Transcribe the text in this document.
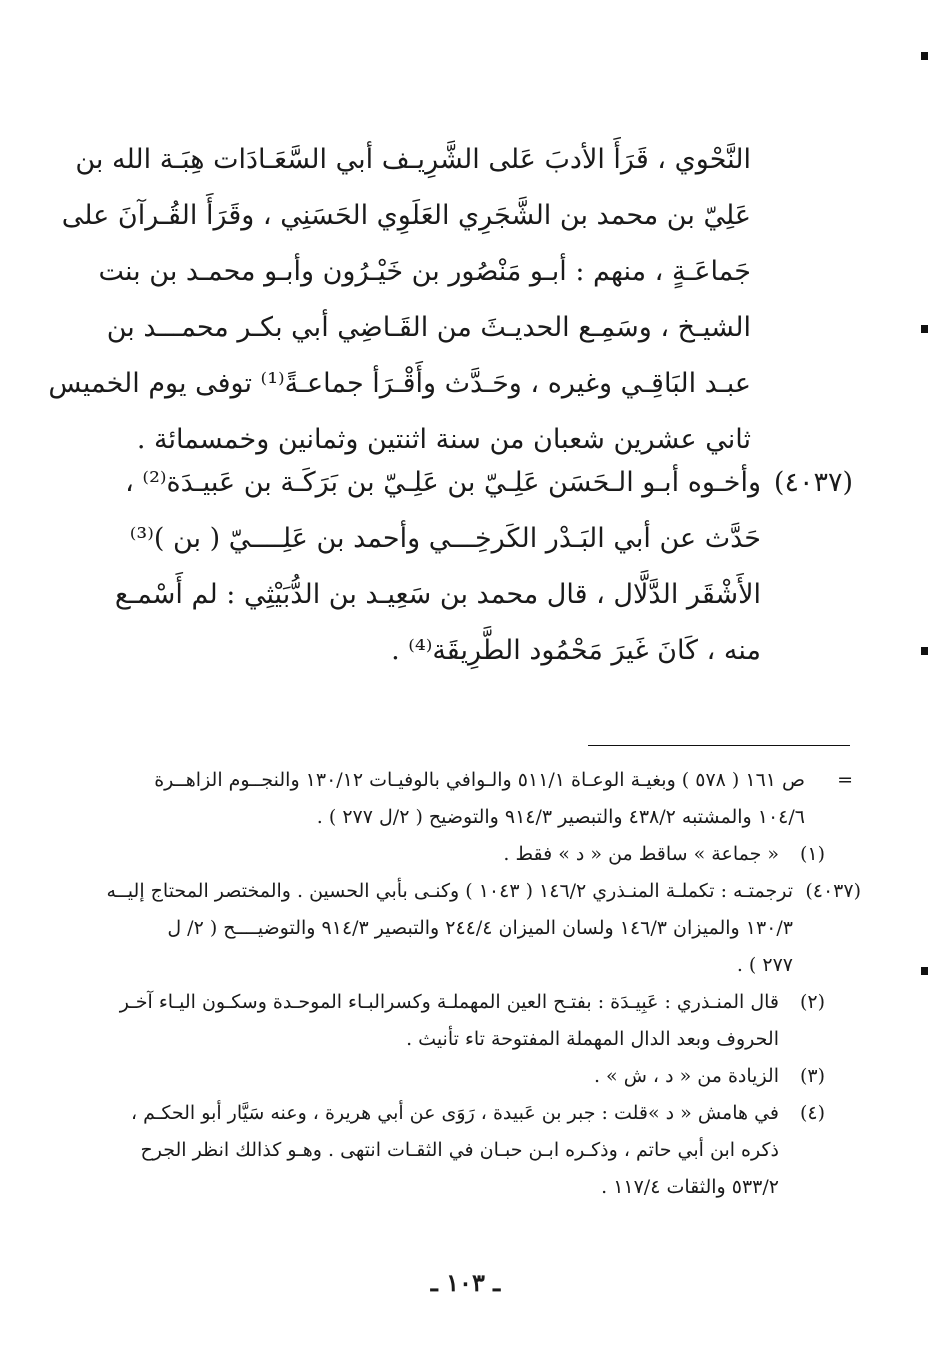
النَّحْوي ، قَرَأَ الأدبَ عَلى الشَّرِيـف أبي السَّعَـادَات هِبَـة الله بن
عَلِيّ بن محمد بن الشَّجَرِي العَلَوِي الحَسَنِي ، وقَرَأَ القُـرآنَ على
جَماعَـةٍ ، منهم : أبـو مَنْصُور بن خَيْـرُون وأبـو محمـد بن بنت
الشيـخ ، وسَمِـع الحديـثَ من القَـاضِي أبي بكـر محمـــد بن
عبـد البَاقِـي وغيره ، وحَـدَّث وأَقْـرَأ جماعـةً⁽¹⁾ توفى يوم الخميس
ثاني عشرين شعبان من سنة اثنتين وثمانين وخمسمائة .
(٤٠٣٧)
وأخـوه أبـو الـحَسَن عَلِـيّ بن عَلِـيّ بن بَرَكَـة بن عَبيـدَة⁽²⁾ ،
حَدَّث عن أبي البَـدْر الكَرخِـــي وأحمد بن عَلِــــيّ ( بن )⁽³⁾
الأَشْقَر الدَّلَّال ، قال محمد بن سَعِيـد بن الدُّبَيْثِي : لم أَسْمـع
منه ، كَانَ غَيرَ مَحْمُود الطَّرِيقَة⁽⁴⁾ .
=
ص ١٦١ ( ٥٧٨ ) وبغيـة الوعـاة ٥١١/١ والـوافي بالوفيـات ١٣٠/١٢ والنجــوم الزاهــرة
١٠٤/٦ والمشتبه ٤٣٨/٢ والتبصير ٩١٤/٣ والتوضيح ( ٢/ل ٢٧٧ ) .
(١)
« جماعة » ساقط من « د » فقط .
(٤٠٣٧)
ترجمتـه : تكملـة المنـذري ١٤٦/٢ ( ١٠٤٣ ) وكنـى بأبي الحسين . والمختصر المحتاج إليــه
١٣٠/٣ والميزان ١٤٦/٣ ولسان الميزان ٢٤٤/٤ والتبصير ٩١٤/٣ والتوضيــــح ( ٢/ ل
٢٧٧ ) .
(٢)
قال المنـذري : عَبِيـدَة : بفتـح العين المهملـة وكسرالبـاء الموحـدة وسكـون اليـاء آخـر
الحروف وبعد الدال المهملة المفتوحة تاء تأنيث .
(٣)
الزيادة من « د ، ش » .
(٤)
في هامش « د »قلت : جبر بن عَبيدة ، رَوَى عن أبي هريرة ، وعنه سَيَّار أبو الحكـم ،
ذكره ابن أبي حاتم ، وذكـره ابـن حبـان في الثقـات انتهى . وهـو كذالك انظر الجرح
٥٣٣/٢ والثقات ١١٧/٤ .
ـ ١٠٣ ـ
